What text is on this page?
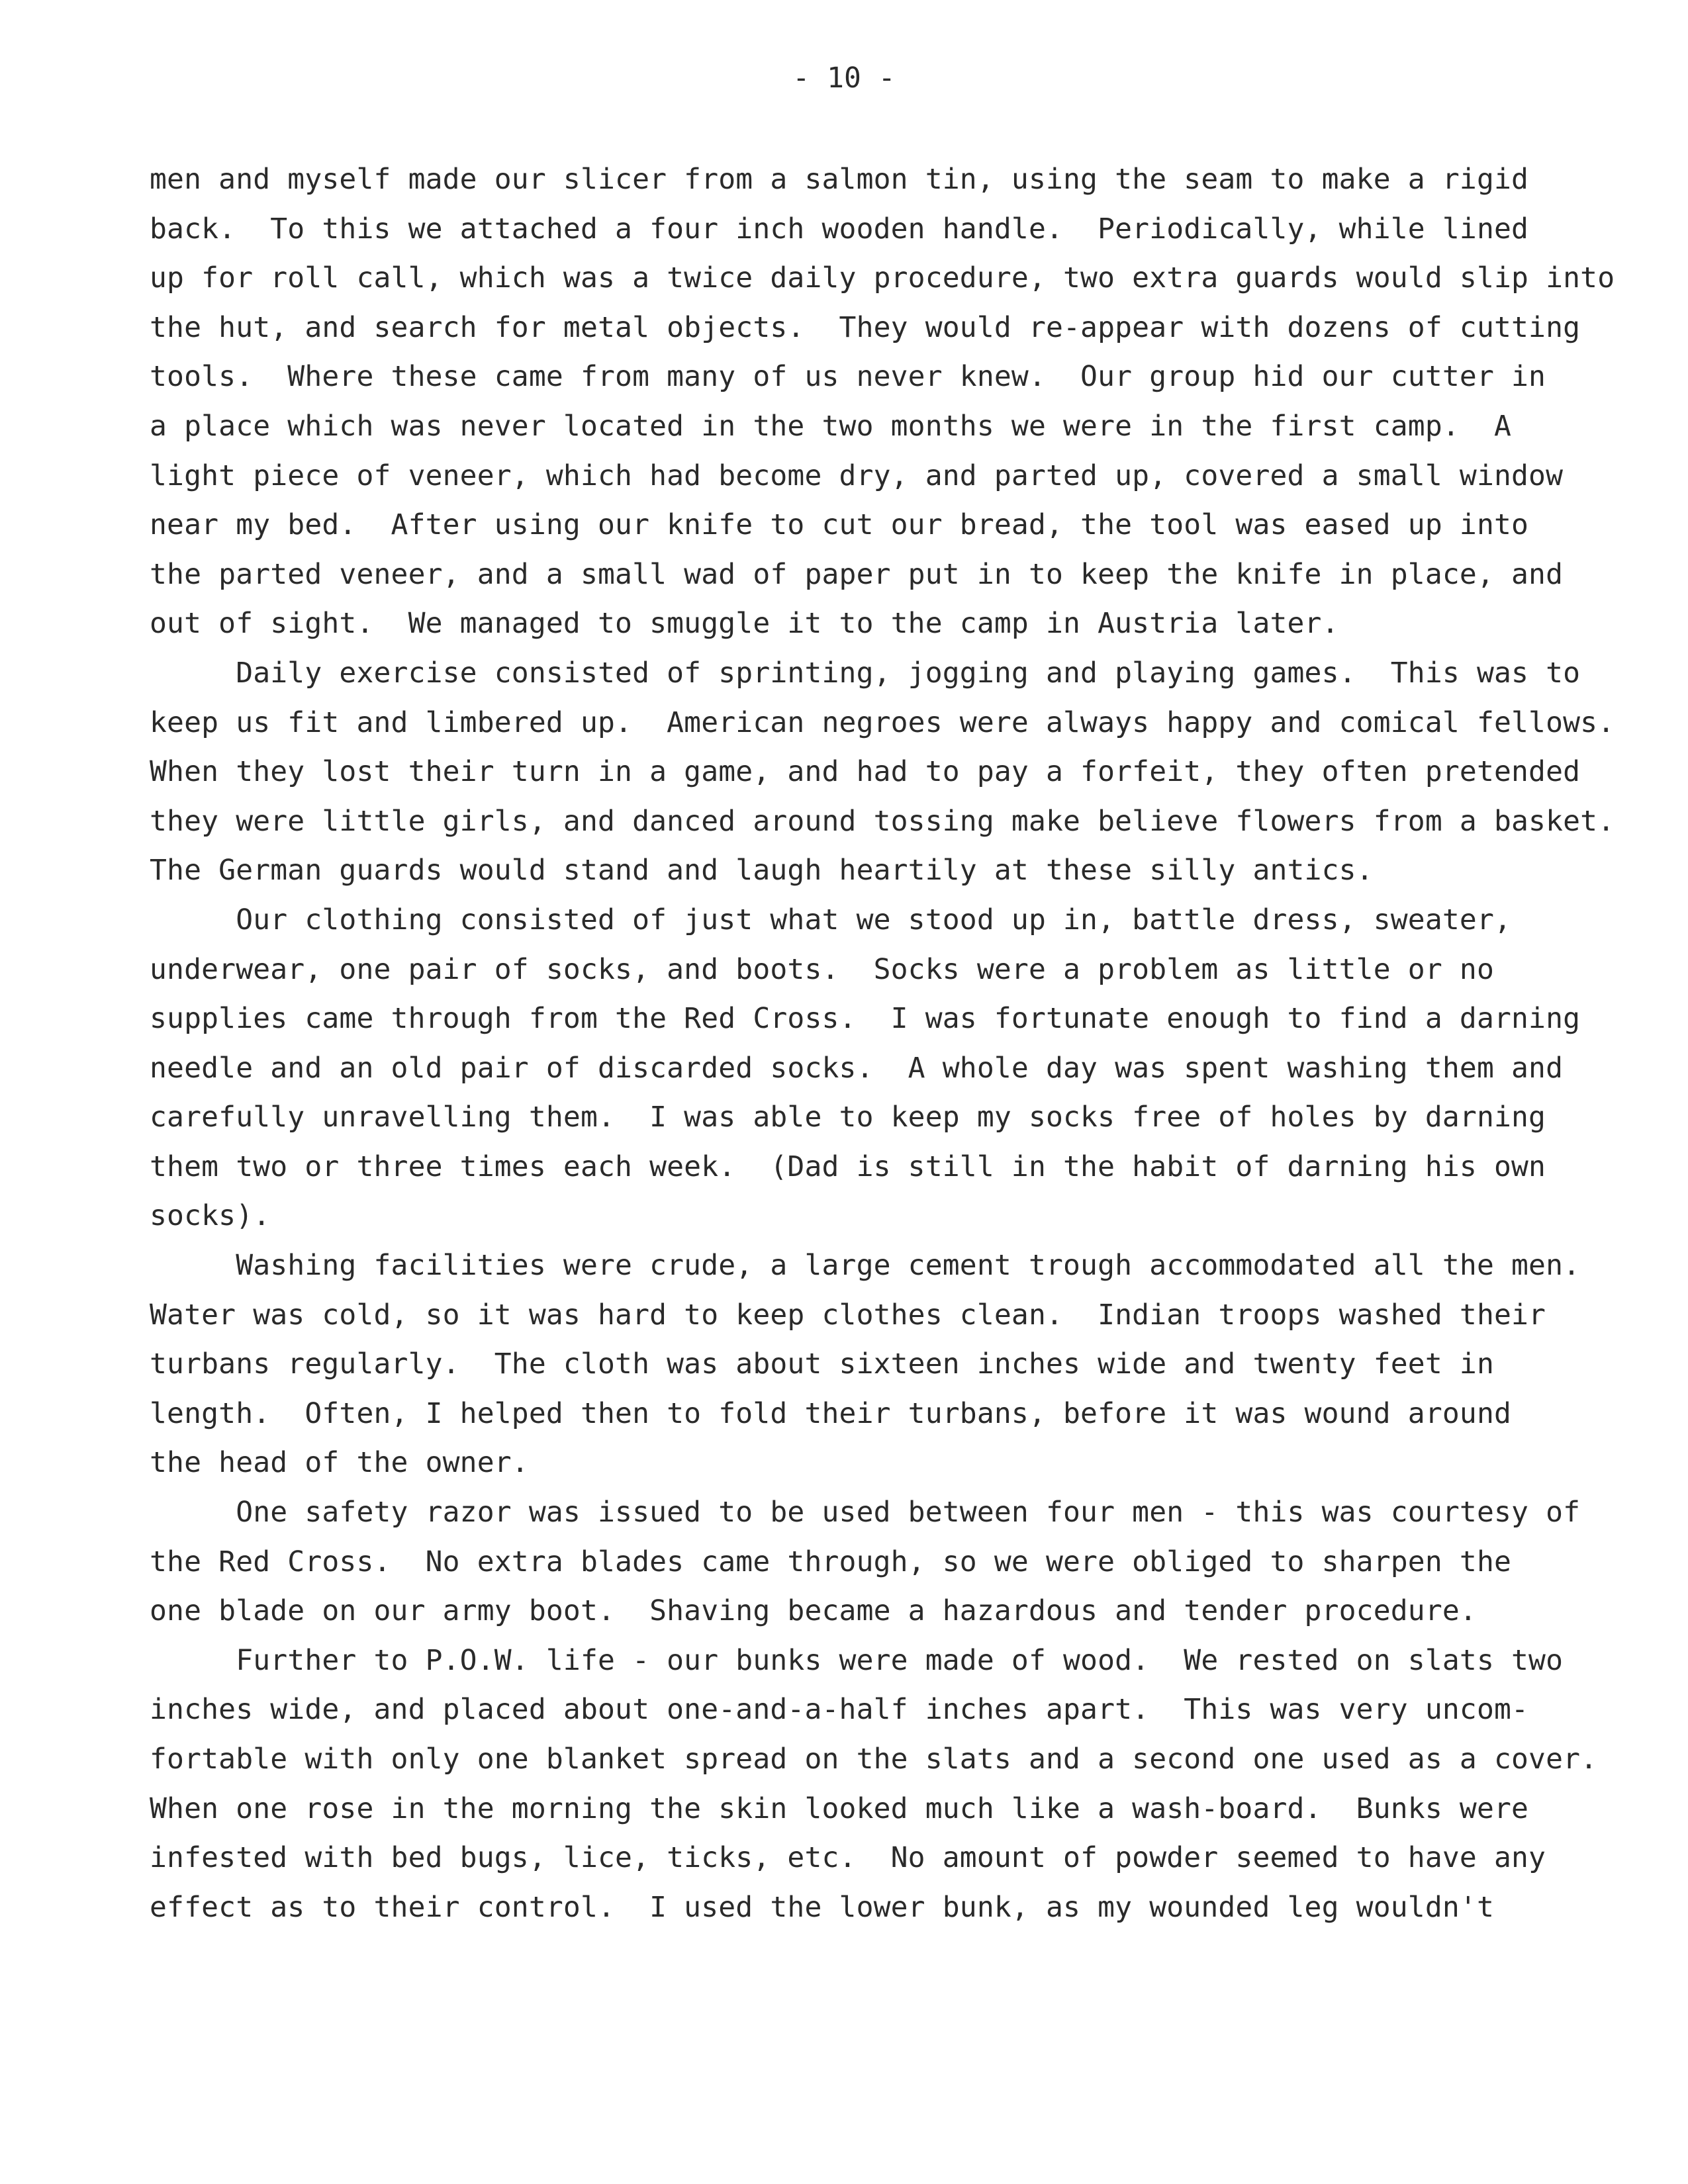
- 10 -
men and myself made our slicer from a salmon tin, using the seam to make a rigid
back.  To this we attached a four inch wooden handle.  Periodically, while lined
up for roll call, which was a twice daily procedure, two extra guards would slip into
the hut, and search for metal objects.  They would re-appear with dozens of cutting
tools.  Where these came from many of us never knew.  Our group hid our cutter in
a place which was never located in the two months we were in the first camp.  A
light piece of veneer, which had become dry, and parted up, covered a small window
near my bed.  After using our knife to cut our bread, the tool was eased up into
the parted veneer, and a small wad of paper put in to keep the knife in place, and
out of sight.  We managed to smuggle it to the camp in Austria later.
Daily exercise consisted of sprinting, jogging and playing games.  This was to
keep us fit and limbered up.  American negroes were always happy and comical fellows.
When they lost their turn in a game, and had to pay a forfeit, they often pretended
they were little girls, and danced around tossing make believe flowers from a basket.
The German guards would stand and laugh heartily at these silly antics.
Our clothing consisted of just what we stood up in, battle dress, sweater,
underwear, one pair of socks, and boots.  Socks were a problem as little or no
supplies came through from the Red Cross.  I was fortunate enough to find a darning
needle and an old pair of discarded socks.  A whole day was spent washing them and
carefully unravelling them.  I was able to keep my socks free of holes by darning
them two or three times each week.  (Dad is still in the habit of darning his own
socks).
Washing facilities were crude, a large cement trough accommodated all the men.
Water was cold, so it was hard to keep clothes clean.  Indian troops washed their
turbans regularly.  The cloth was about sixteen inches wide and twenty feet in
length.  Often, I helped then to fold their turbans, before it was wound around
the head of the owner.
One safety razor was issued to be used between four men - this was courtesy of
the Red Cross.  No extra blades came through, so we were obliged to sharpen the
one blade on our army boot.  Shaving became a hazardous and tender procedure.
Further to P.O.W. life - our bunks were made of wood.  We rested on slats two
inches wide, and placed about one-and-a-half inches apart.  This was very uncom-
fortable with only one blanket spread on the slats and a second one used as a cover.
When one rose in the morning the skin looked much like a wash-board.  Bunks were
infested with bed bugs, lice, ticks, etc.  No amount of powder seemed to have any
effect as to their control.  I used the lower bunk, as my wounded leg wouldn't
